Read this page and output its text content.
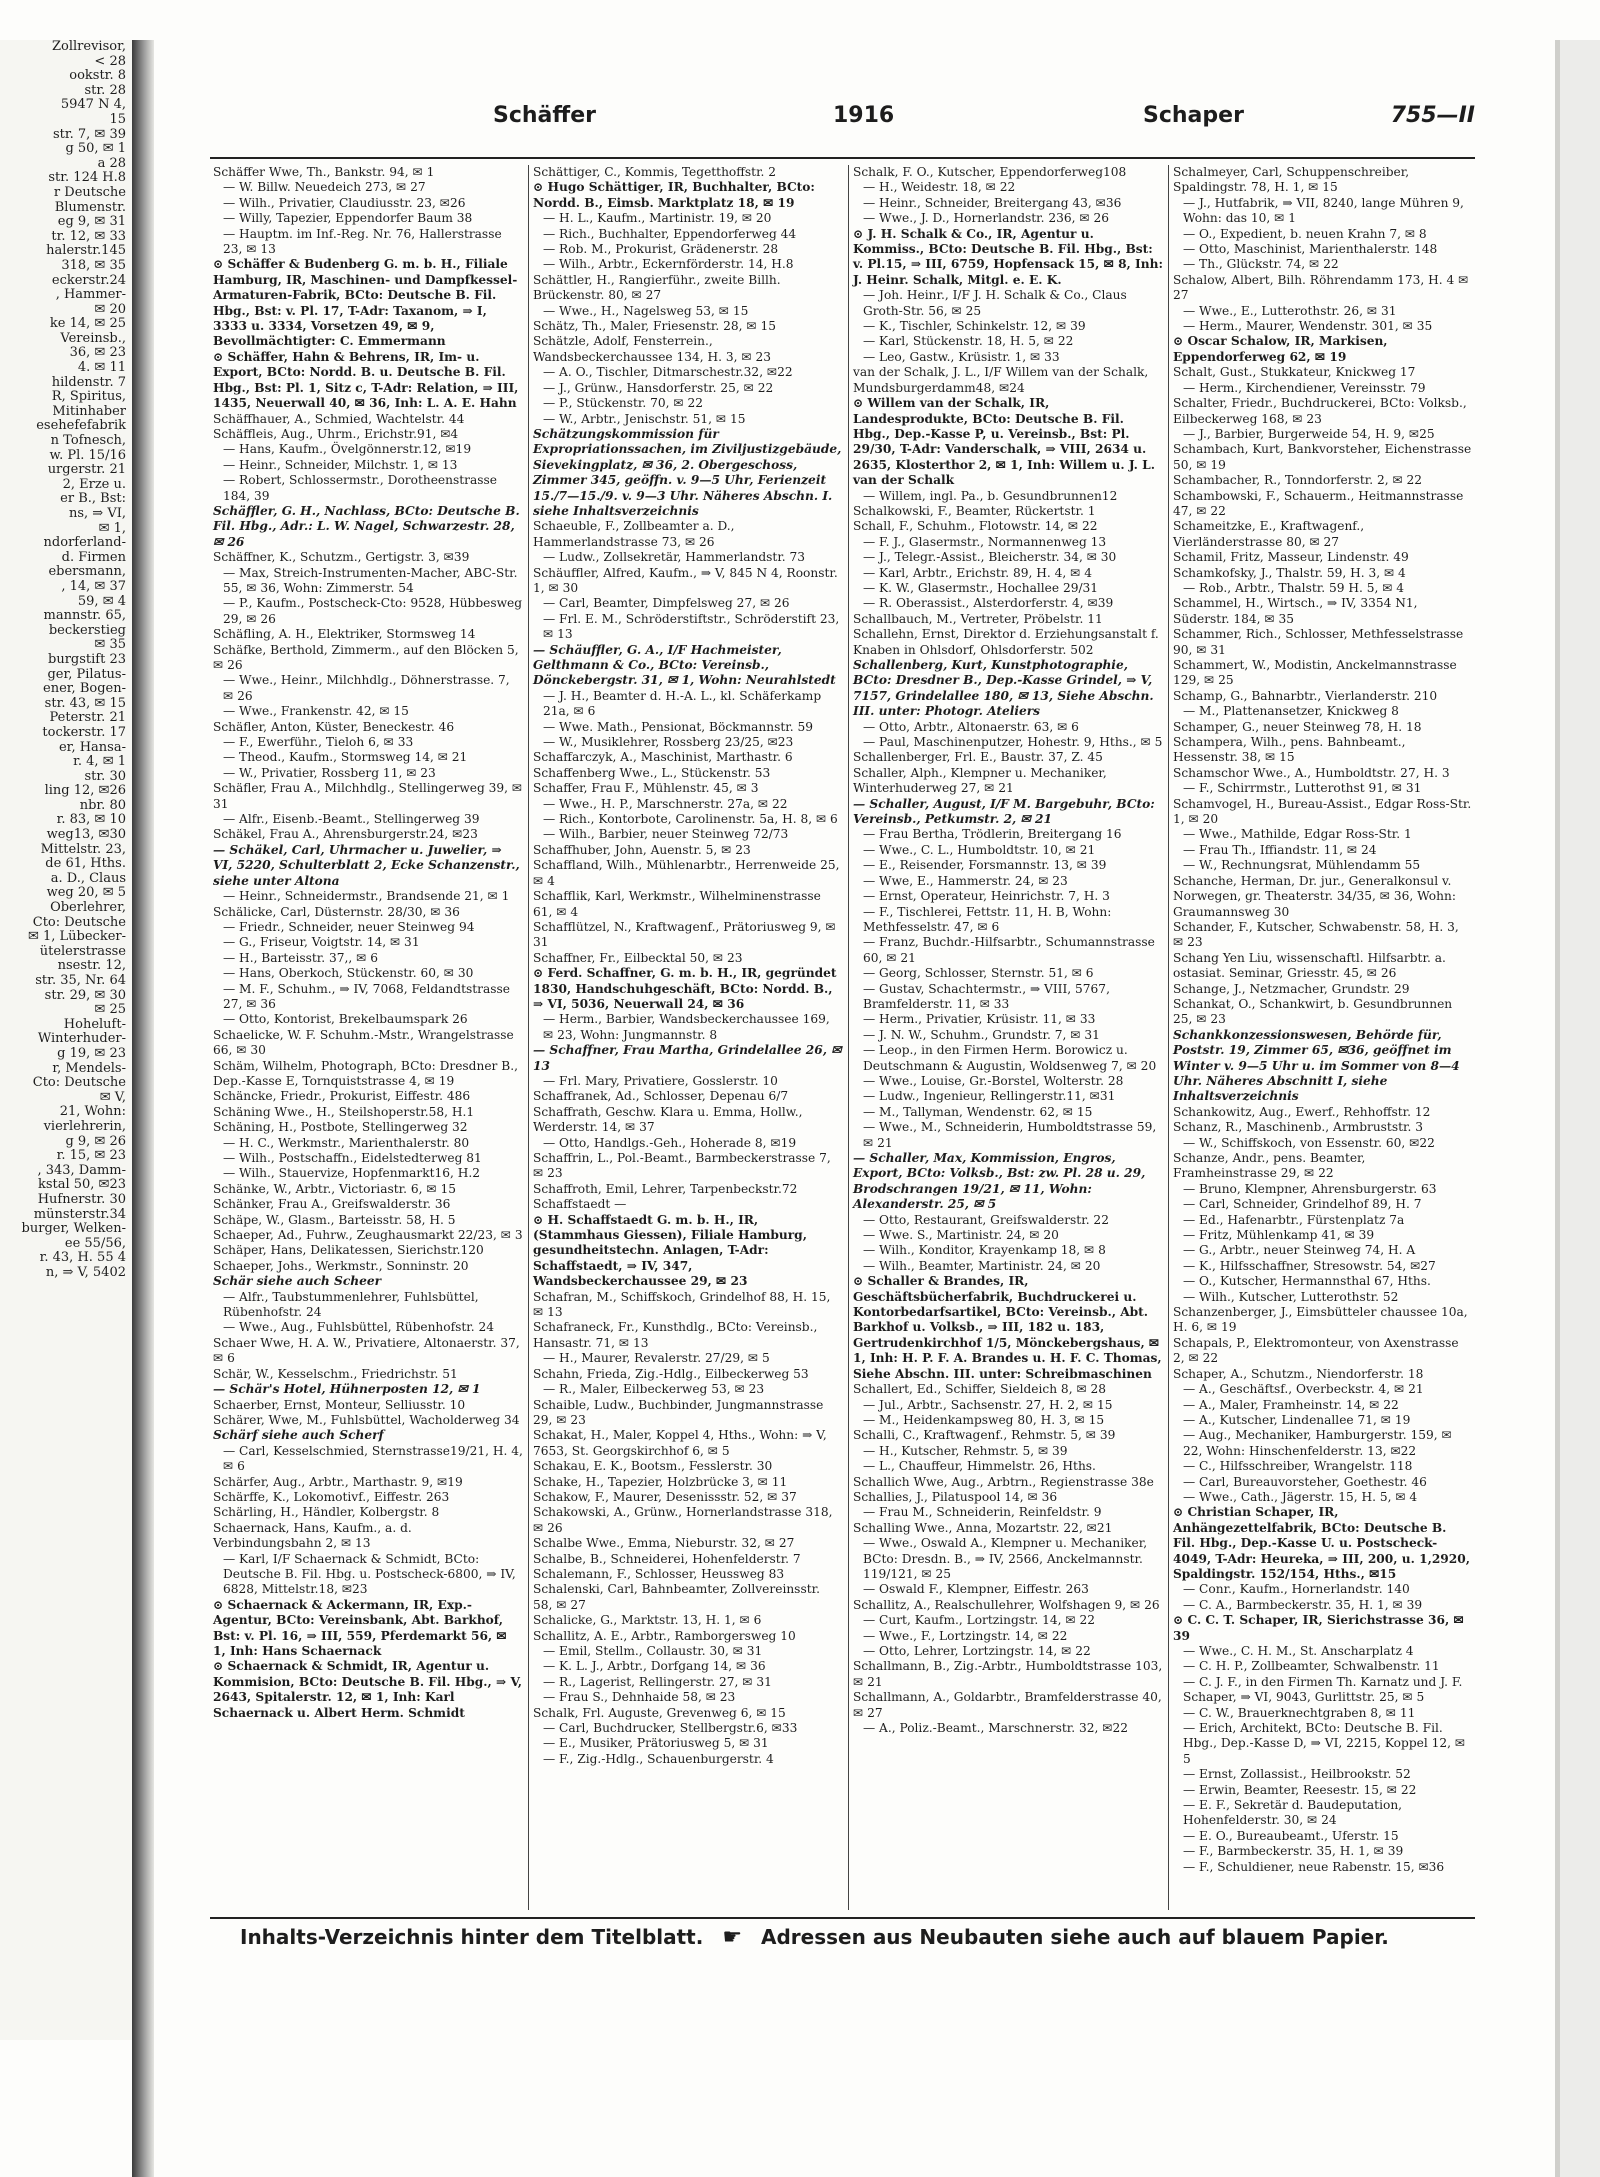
Zollrevisor,
< 28
ookstr. 8
str. 28
5947 N 4,
15
str. 7, ✉ 39
g 50, ✉ 1
a 28
str. 124 H.8
r Deutsche
Blumenstr.
eg 9, ✉ 31
tr. 12, ✉ 33
halerstr.145
318, ✉ 35
eckerstr.24
, Hammer-
✉ 20
ke 14, ✉ 25
Vereinsb.,
36, ✉ 23
4. ✉ 11
hildenstr. 7
R, Spiritus,
Mitinhaber
esehefefabrik
n Tofnesch,
w. Pl. 15/16
urgerstr. 21
2, Erze u.
er B., Bst:
ns, ⇒ VI,
✉ 1,
ndorferland-
d. Firmen
ebersmann,
, 14, ✉ 37
59, ✉ 4
mannstr. 65,
beckerstieg
✉ 35
burgstift 23
ger, Pilatus-
ener, Bogen-
str. 43, ✉ 15
Peterstr. 21
tockerstr. 17
er, Hansa-
r. 4, ✉ 1
str. 30
ling 12, ✉26
nbr. 80
r. 83, ✉ 10
weg13, ✉30
Mittelstr. 23,
de 61, Hths.
a. D., Claus
weg 20, ✉ 5
Oberlehrer,
Cto: Deutsche
✉ 1, Lübecker-
ütelerstrasse
nsestr. 12,
str. 35, Nr. 64
str. 29, ✉ 30
✉ 25
Hoheluft-
Winterhuder-
g 19, ✉ 23
r, Mendels-
Cto: Deutsche
✉ V,
21, Wohn:
vierlehrerin,
g 9, ✉ 26
r. 15, ✉ 23
, 343, Damm-
kstal 50, ✉23
Hufnerstr. 30
münsterstr.34
burger, Welken-
ee 55/56,
r. 43, H. 55 4
n, ⇒ V, 5402
Schäffer	1916	Schaper	755—II

Schäffer Wwe, Th., Bankstr. 94, ✉ 1

— W. Billw. Neuedeich 273, ✉ 27

— Wilh., Privatier, Claudiusstr. 23, ✉26

— Willy, Tapezier, Eppendorfer Baum 38

— Hauptm. im Inf.-Reg. Nr. 76, Hallerstrasse 23, ✉ 13

⊙ Schäffer & Budenberg G. m. b. H., Filiale Hamburg, IR, Maschinen- und Dampfkessel-Armaturen-Fabrik, BCto: Deutsche B. Fil. Hbg., Bst: v. Pl. 17, T-Adr: Taxanom, ⇒ I, 3333 u. 3334, Vorsetzen 49, ✉ 9, Bevollmächtigter: C. Emmermann

⊙ Schäffer, Hahn & Behrens, IR, Im- u. Export, BCto: Nordd. B. u. Deutsche B. Fil. Hbg., Bst: Pl. 1, Sitz c, T-Adr: Relation, ⇒ III, 1435, Neuerwall 40, ✉ 36, Inh: L. A. E. Hahn

Schäffhauer, A., Schmied, Wachtelstr. 44

Schäffleis, Aug., Uhrm., Erichstr.91, ✉4

— Hans, Kaufm., Övelgönnerstr.12, ✉19

— Heinr., Schneider, Milchstr. 1, ✉ 13

— Robert, Schlossermstr., Dorotheenstrasse 184, 39

Schäffler, G. H., Nachlass, BCto: Deutsche B. Fil. Hbg., Adr.: L. W. Nagel, Schwarzestr. 28, ✉ 26

Schäffner, K., Schutzm., Gertigstr. 3, ✉39

— Max, Streich-Instrumenten-Macher, ABC-Str. 55, ✉ 36, Wohn: Zimmerstr. 54

— P., Kaufm., Postscheck-Cto: 9528, Hübbesweg 29, ✉ 26

Schäfling, A. H., Elektriker, Stormsweg 14

Schäfke, Berthold, Zimmerm., auf den Blöcken 5, ✉ 26

— Wwe., Heinr., Milchhdlg., Döhnerstrasse. 7, ✉ 26

— Wwe., Frankenstr. 42, ✉ 15

Schäfler, Anton, Küster, Beneckestr. 46

— F., Ewerführ., Tieloh 6, ✉ 33

— Theod., Kaufm., Stormsweg 14, ✉ 21

— W., Privatier, Rossberg 11, ✉ 23

Schäfler, Frau A., Milchhdlg., Stellingerweg 39, ✉ 31

— Alfr., Eisenb.-Beamt., Stellingerweg 39

Schäkel, Frau A., Ahrensburgerstr.24, ✉23

— Schäkel, Carl, Uhrmacher u. Juwelier, ⇒ VI, 5220, Schulterblatt 2, Ecke Schanzenstr., siehe unter Altona

— Heinr., Schneidermstr., Brandsende 21, ✉ 1

Schälicke, Carl, Düsternstr. 28/30, ✉ 36

— Friedr., Schneider, neuer Steinweg 94

— G., Friseur, Voigtstr. 14, ✉ 31

— H., Barteisstr. 37,, ✉ 6

— Hans, Oberkoch, Stückenstr. 60, ✉ 30

— M. F., Schuhm., ⇒ IV, 7068, Feldandtstrasse 27, ✉ 36

— Otto, Kontorist, Brekelbaumspark 26

Schaelicke, W. F. Schuhm.-Mstr., Wrangelstrasse 66, ✉ 30

Schäm, Wilhelm, Photograph, BCto: Dresdner B., Dep.-Kasse E, Tornquiststrasse 4, ✉ 19

Schäncke, Friedr., Prokurist, Eiffestr. 486

Schäning Wwe., H., Steilshoperstr.58, H.1

Schäning, H., Postbote, Stellingerweg 32

— H. C., Werkmstr., Marienthalerstr. 80

— Wilh., Postschaffn., Eidelstedterweg 81

— Wilh., Stauervize, Hopfenmarkt16, H.2

Schänke, W., Arbtr., Victoriastr. 6, ✉ 15

Schänker, Frau A., Greifswalderstr. 36

Schäpe, W., Glasm., Barteisstr. 58, H. 5

Schaeper, Ad., Fuhrw., Zeughausmarkt 22/23, ✉ 3

Schäper, Hans, Delikatessen, Sierichstr.120

Schaeper, Johs., Werkmstr., Sonninstr. 20

Schär siehe auch Scheer

— Alfr., Taubstummenlehrer, Fuhlsbüttel, Rübenhofstr. 24

— Wwe., Aug., Fuhlsbüttel, Rübenhofstr. 24

Schaer Wwe, H. A. W., Privatiere, Altonaerstr. 37, ✉ 6

Schär, W., Kesselschm., Friedrichstr. 51

— Schär's Hotel, Hühnerposten 12, ✉ 1

Schaerber, Ernst, Monteur, Selliusstr. 10

Schärer, Wwe, M., Fuhlsbüttel, Wacholderweg 34

Schärf siehe auch Scherf

— Carl, Kesselschmied, Sternstrasse19/21, H. 4, ✉ 6

Schärfer, Aug., Arbtr., Marthastr. 9, ✉19

Schärffe, K., Lokomotivf., Eiffestr. 263

Schärling, H., Händler, Kolbergstr. 8

Schaernack, Hans, Kaufm., a. d. Verbindungsbahn 2, ✉ 13

— Karl, I/F Schaernack & Schmidt, BCto: Deutsche B. Fil. Hbg. u. Postscheck-6800, ⇒ IV, 6828, Mittelstr.18, ✉23

⊙ Schaernack & Ackermann, IR, Exp.-Agentur, BCto: Vereinsbank, Abt. Barkhof, Bst: v. Pl. 16, ⇒ III, 559, Pferdemarkt 56, ✉ 1, Inh: Hans Schaernack

⊙ Schaernack & Schmidt, IR, Agentur u. Kommision, BCto: Deutsche B. Fil. Hbg., ⇒ V, 2643, Spitalerstr. 12, ✉ 1, Inh: Karl Schaernack u. Albert Herm. Schmidt

Schättiger, C., Kommis, Tegetthoffstr. 2

⊙ Hugo Schättiger, IR, Buchhalter, BCto: Nordd. B., Eimsb. Marktplatz 18, ✉ 19

— H. L., Kaufm., Martinistr. 19, ✉ 20

— Rich., Buchhalter, Eppendorferweg 44

— Rob. M., Prokurist, Grädenerstr. 28

— Wilh., Arbtr., Eckernförderstr. 14, H.8

Schättler, H., Rangierführ., zweite Billh. Brückenstr. 80, ✉ 27

— Wwe., H., Nagelsweg 53, ✉ 15

Schätz, Th., Maler, Friesenstr. 28, ✉ 15

Schätzle, Adolf, Fensterrein., Wandsbeckerchaussee 134, H. 3, ✉ 23

— A. O., Tischler, Ditmarschestr.32, ✉22

— J., Grünw., Hansdorferstr. 25, ✉ 22

— P., Stückenstr. 70, ✉ 22

— W., Arbtr., Jenischstr. 51, ✉ 15

Schätzungskommission für Expropriationssachen, im Ziviljustizgebäude, Sievekingplatz, ✉ 36, 2. Obergeschoss, Zimmer 345, geöffn. v. 9—5 Uhr, Ferienzeit 15./7—15./9. v. 9—3 Uhr. Näheres Abschn. I. siehe Inhaltsverzeichnis

Schaeuble, F., Zollbeamter a. D., Hammerlandstrasse 73, ✉ 26

— Ludw., Zollsekretär, Hammerlandstr. 73

Schäuffler, Alfred, Kaufm., ⇒ V, 845 N 4, Roonstr. 1, ✉ 30

— Carl, Beamter, Dimpfelsweg 27, ✉ 26

— Frl. E. M., Schröderstiftstr., Schröderstift 23, ✉ 13

— Schäuffler, G. A., I/F Hachmeister, Gelthmann & Co., BCto: Vereinsb., Dönckebergstr. 31, ✉ 1, Wohn: Neurahlstedt

— J. H., Beamter d. H.-A. L., kl. Schäferkamp 21a, ✉ 6

— Wwe. Math., Pensionat, Böckmannstr. 59

— W., Musiklehrer, Rossberg 23/25, ✉23

Schaffarczyk, A., Maschinist, Marthastr. 6

Schaffenberg Wwe., L., Stückenstr. 53

Schaffer, Frau F., Mühlenstr. 45, ✉ 3

— Wwe., H. P., Marschnerstr. 27a, ✉ 22

— Rich., Kontorbote, Carolinenstr. 5a, H. 8, ✉ 6

— Wilh., Barbier, neuer Steinweg 72/73

Schaffhuber, John, Auenstr. 5, ✉ 23

Schaffland, Wilh., Mühlenarbtr., Herrenweide 25, ✉ 4

Schafflik, Karl, Werkmstr., Wilhelminenstrasse 61, ✉ 4

Schafflützel, N., Kraftwagenf., Prätoriusweg 9, ✉ 31

Schaffner, Fr., Eilbecktal 50, ✉ 23

⊙ Ferd. Schaffner, G. m. b. H., IR, gegründet 1830, Handschuhgeschäft, BCto: Nordd. B., ⇒ VI, 5036, Neuerwall 24, ✉ 36

— Herm., Barbier, Wandsbeckerchaussee 169, ✉ 23, Wohn: Jungmannstr. 8

— Schaffner, Frau Martha, Grindelallee 26, ✉ 13

— Frl. Mary, Privatiere, Gosslerstr. 10

Schaffranek, Ad., Schlosser, Depenau 6/7

Schaffrath, Geschw. Klara u. Emma, Hollw., Werderstr. 14, ✉ 37

— Otto, Handlgs.-Geh., Hoherade 8, ✉19

Schaffrin, L., Pol.-Beamt., Barmbeckerstrasse 7, ✉ 23

Schaffroth, Emil, Lehrer, Tarpenbeckstr.72

Schaffstaedt —

⊙ H. Schaffstaedt G. m. b. H., IR, (Stammhaus Giessen), Filiale Hamburg, gesundheitstechn. Anlagen, T-Adr: Schaffstaedt, ⇒ IV, 347, Wandsbeckerchaussee 29, ✉ 23

Schafran, M., Schiffskoch, Grindelhof 88, H. 15, ✉ 13

Schafraneck, Fr., Kunsthdlg., BCto: Vereinsb., Hansastr. 71, ✉ 13

— H., Maurer, Revalerstr. 27/29, ✉ 5

Schahn, Frieda, Zig.-Hdlg., Eilbeckerweg 53

— R., Maler, Eilbeckerweg 53, ✉ 23

Schaible, Ludw., Buchbinder, Jungmannstrasse 29, ✉ 23

Schakat, H., Maler, Koppel 4, Hths., Wohn: ⇒ V, 7653, St. Georgskirchhof 6, ✉ 5

Schakau, E. K., Bootsm., Fesslerstr. 30

Schake, H., Tapezier, Holzbrücke 3, ✉ 11

Schakow, F., Maurer, Desenissstr. 52, ✉ 37

Schakowski, A., Grünw., Hornerlandstrasse 318, ✉ 26

Schalbe Wwe., Emma, Nieburstr. 32, ✉ 27

Schalbe, B., Schneiderei, Hohenfelderstr. 7

Schalemann, F., Schlosser, Heussweg 83

Schalenski, Carl, Bahnbeamter, Zollvereinsstr. 58, ✉ 27

Schalicke, G., Marktstr. 13, H. 1, ✉ 6

Schallitz, A. E., Arbtr., Ramborgersweg 10

— Emil, Stellm., Collaustr. 30, ✉ 31

— K. L. J., Arbtr., Dorfgang 14, ✉ 36

— R., Lagerist, Rellingerstr. 27, ✉ 31

— Frau S., Dehnhaide 58, ✉ 23

Schalk, Frl. Auguste, Grevenweg 6, ✉ 15

— Carl, Buchdrucker, Stellbergstr.6, ✉33

— E., Musiker, Prätoriusweg 5, ✉ 31

— F., Zig.-Hdlg., Schauenburgerstr. 4

Schalk, F. O., Kutscher, Eppendorferweg108

— H., Weidestr. 18, ✉ 22

— Heinr., Schneider, Breitergang 43, ✉36

— Wwe., J. D., Hornerlandstr. 236, ✉ 26

⊙ J. H. Schalk & Co., IR, Agentur u. Kommiss., BCto: Deutsche B. Fil. Hbg., Bst: v. Pl.15, ⇒ III, 6759, Hopfensack 15, ✉ 8, Inh: J. Heinr. Schalk, Mitgl. e. E. K.

— Joh. Heinr., I/F J. H. Schalk & Co., Claus Groth-Str. 56, ✉ 25

— K., Tischler, Schinkelstr. 12, ✉ 39

— Karl, Stückenstr. 18, H. 5, ✉ 22

— Leo, Gastw., Krüsistr. 1, ✉ 33

van der Schalk, J. L., I/F Willem van der Schalk, Mundsburgerdamm48, ✉24

⊙ Willem van der Schalk, IR, Landesprodukte, BCto: Deutsche B. Fil. Hbg., Dep.-Kasse P, u. Vereinsb., Bst: Pl. 29/30, T-Adr: Vanderschalk, ⇒ VIII, 2634 u. 2635, Klosterthor 2, ✉ 1, Inh: Willem u. J. L. van der Schalk

— Willem, ingl. Pa., b. Gesundbrunnen12

Schalkowski, F., Beamter, Rückertstr. 1

Schall, F., Schuhm., Flotowstr. 14, ✉ 22

— F. J., Glasermstr., Normannenweg 13

— J., Telegr.-Assist., Bleicherstr. 34, ✉ 30

— Karl, Arbtr., Erichstr. 89, H. 4, ✉ 4

— K. W., Glasermstr., Hochallee 29/31

— R. Oberassist., Alsterdorferstr. 4, ✉39

Schallbauch, M., Vertreter, Pröbelstr. 11

Schallehn, Ernst, Direktor d. Erziehungsanstalt f. Knaben in Ohlsdorf, Ohlsdorferstr. 502

Schallenberg, Kurt, Kunstphotographie, BCto: Dresdner B., Dep.-Kasse Grindel, ⇒ V, 7157, Grindelallee 180, ✉ 13, Siehe Abschn. III. unter: Photogr. Ateliers

— Otto, Arbtr., Altonaerstr. 63, ✉ 6

— Paul, Maschinenputzer, Hohestr. 9, Hths., ✉ 5

Schallenberger, Frl. E., Baustr. 37, Z. 45

Schaller, Alph., Klempner u. Mechaniker, Winterhuderweg 27, ✉ 21

— Schaller, August, I/F M. Bargebuhr, BCto: Vereinsb., Petkumstr. 2, ✉ 21

— Frau Bertha, Trödlerin, Breitergang 16

— Wwe., C. L., Humboldtstr. 10, ✉ 21

— E., Reisender, Forsmannstr. 13, ✉ 39

— Wwe, E., Hammerstr. 24, ✉ 23

— Ernst, Operateur, Heinrichstr. 7, H. 3

— F., Tischlerei, Fettstr. 11, H. B, Wohn: Methfesselstr. 47, ✉ 6

— Franz, Buchdr.-Hilfsarbtr., Schumannstrasse 60, ✉ 21

— Georg, Schlosser, Sternstr. 51, ✉ 6

— Gustav, Schachtermstr., ⇒ VIII, 5767, Bramfelderstr. 11, ✉ 33

— Herm., Privatier, Krüsistr. 11, ✉ 33

— J. N. W., Schuhm., Grundstr. 7, ✉ 31

— Leop., in den Firmen Herm. Borowicz u. Deutschmann & Augustin, Woldsenweg 7, ✉ 20

— Wwe., Louise, Gr.-Borstel, Wolterstr. 28

— Ludw., Ingenieur, Rellingerstr.11, ✉31

— M., Tallyman, Wendenstr. 62, ✉ 15

— Wwe., M., Schneiderin, Humboldtstrasse 59, ✉ 21

— Schaller, Max, Kommission, Engros, Export, BCto: Volksb., Bst: zw. Pl. 28 u. 29, Brodschrangen 19/21, ✉ 11, Wohn: Alexanderstr. 25, ✉ 5

— Otto, Restaurant, Greifswalderstr. 22

— Wwe. S., Martinistr. 24, ✉ 20

— Wilh., Konditor, Krayenkamp 18, ✉ 8

— Wilh., Beamter, Martinistr. 24, ✉ 20

⊙ Schaller & Brandes, IR, Geschäftsbücherfabrik, Buchdruckerei u. Kontorbedarfsartikel, BCto: Vereinsb., Abt. Barkhof u. Volksb., ⇒ III, 182 u. 183, Gertrudenkirchhof 1/5, Mönckebergshaus, ✉ 1, Inh: H. P. F. A. Brandes u. H. F. C. Thomas, Siehe Abschn. III. unter: Schreibmaschinen

Schallert, Ed., Schiffer, Sieldeich 8, ✉ 28

— Jul., Arbtr., Sachsenstr. 27, H. 2, ✉ 15

— M., Heidenkampsweg 80, H. 3, ✉ 15

Schalli, C., Kraftwagenf., Rehmstr. 5, ✉ 39

— H., Kutscher, Rehmstr. 5, ✉ 39

— L., Chauffeur, Himmelstr. 26, Hths.

Schallich Wwe, Aug., Arbtrn., Regienstrasse 38e

Schallies, J., Pilatuspool 14, ✉ 36

— Frau M., Schneiderin, Reinfeldstr. 9

Schalling Wwe., Anna, Mozartstr. 22, ✉21

— Wwe., Oswald A., Klempner u. Mechaniker, BCto: Dresdn. B., ⇒ IV, 2566, Anckelmannstr. 119/121, ✉ 25

— Oswald F., Klempner, Eiffestr. 263

Schallitz, A., Realschullehrer, Wolfshagen 9, ✉ 26

— Curt, Kaufm., Lortzingstr. 14, ✉ 22

— Wwe., F., Lortzingstr. 14, ✉ 22

— Otto, Lehrer, Lortzingstr. 14, ✉ 22

Schallmann, B., Zig.-Arbtr., Humboldtstrasse 103, ✉ 21

Schallmann, A., Goldarbtr., Bramfelderstrasse 40, ✉ 27

— A., Poliz.-Beamt., Marschnerstr. 32, ✉22

Schalmeyer, Carl, Schuppenschreiber, Spaldingstr. 78, H. 1, ✉ 15

— J., Hutfabrik, ⇒ VII, 8240, lange Mühren 9, Wohn: das 10, ✉ 1

— O., Expedient, b. neuen Krahn 7, ✉ 8

— Otto, Maschinist, Marienthalerstr. 148

— Th., Glückstr. 74, ✉ 22

Schalow, Albert, Bilh. Röhrendamm 173, H. 4 ✉ 27

— Wwe., E., Lutterothstr. 26, ✉ 31

— Herm., Maurer, Wendenstr. 301, ✉ 35

⊙ Oscar Schalow, IR, Markisen, Eppendorferweg 62, ✉ 19

Schalt, Gust., Stukkateur, Knickweg 17

— Herm., Kirchendiener, Vereinsstr. 79

Schalter, Friedr., Buchdruckerei, BCto: Volksb., Eilbeckerweg 168, ✉ 23

— J., Barbier, Burgerweide 54, H. 9, ✉25

Schambach, Kurt, Bankvorsteher, Eichenstrasse 50, ✉ 19

Schambacher, R., Tonndorferstr. 2, ✉ 22

Schambowski, F., Schauerm., Heitmannstrasse 47, ✉ 22

Schameitzke, E., Kraftwagenf., Vierländerstrasse 80, ✉ 27

Schamil, Fritz, Masseur, Lindenstr. 49

Schamkofsky, J., Thalstr. 59, H. 3, ✉ 4

— Rob., Arbtr., Thalstr. 59 H. 5, ✉ 4

Schammel, H., Wirtsch., ⇒ IV, 3354 N1, Süderstr. 184, ✉ 35

Schammer, Rich., Schlosser, Methfesselstrasse 90, ✉ 31

Schammert, W., Modistin, Anckelmannstrasse 129, ✉ 25

Schamp, G., Bahnarbtr., Vierlanderstr. 210

— M., Plattenansetzer, Knickweg 8

Schamper, G., neuer Steinweg 78, H. 18

Schampera, Wilh., pens. Bahnbeamt., Hessenstr. 38, ✉ 15

Schamschor Wwe., A., Humboldtstr. 27, H. 3

— F., Schirrmstr., Lutterothst 91, ✉ 31

Schamvogel, H., Bureau-Assist., Edgar Ross-Str. 1, ✉ 20

— Wwe., Mathilde, Edgar Ross-Str. 1

— Frau Th., Iffiandstr. 11, ✉ 24

— W., Rechnungsrat, Mühlendamm 55

Schanche, Herman, Dr. jur., Generalkonsul v. Norwegen, gr. Theaterstr. 34/35, ✉ 36, Wohn: Graumannsweg 30

Schander, F., Kutscher, Schwabenstr. 58, H. 3, ✉ 23

Schang Yen Liu, wissenschaftl. Hilfsarbtr. a. ostasiat. Seminar, Griesstr. 45, ✉ 26

Schange, J., Netzmacher, Grundstr. 29

Schankat, O., Schankwirt, b. Gesundbrunnen 25, ✉ 23

Schankkonzessionswesen, Behörde für, Poststr. 19, Zimmer 65, ✉36, geöffnet im Winter v. 9—5 Uhr u. im Sommer von 8—4 Uhr. Näheres Abschnitt I, siehe Inhaltsverzeichnis

Schankowitz, Aug., Ewerf., Rehhoffstr. 12

Schanz, R., Maschinenb., Armbruststr. 3

— W., Schiffskoch, von Essenstr. 60, ✉22

Schanze, Andr., pens. Beamter, Framheinstrasse 29, ✉ 22

— Bruno, Klempner, Ahrensburgerstr. 63

— Carl, Schneider, Grindelhof 89, H. 7

— Ed., Hafenarbtr., Fürstenplatz 7a

— Fritz, Mühlenkamp 41, ✉ 39

— G., Arbtr., neuer Steinweg 74, H. A

— K., Hilfsschaffner, Stresowstr. 54, ✉27

— O., Kutscher, Hermannsthal 67, Hths.

— Wilh., Kutscher, Lutterothstr. 52

Schanzenberger, J., Eimsbütteler chaussee 10a, H. 6, ✉ 19

Schapals, P., Elektromonteur, von Axenstrasse 2, ✉ 22

Schaper, A., Schutzm., Niendorferstr. 18

— A., Geschäftsf., Overbeckstr. 4, ✉ 21

— A., Maler, Framheinstr. 14, ✉ 22

— A., Kutscher, Lindenallee 71, ✉ 19

— Aug., Mechaniker, Hamburgerstr. 159, ✉ 22, Wohn: Hinschenfelderstr. 13, ✉22

— C., Hilfsschreiber, Wrangelstr. 118

— Carl, Bureauvorsteher, Goethestr. 46

— Wwe., Cath., Jägerstr. 15, H. 5, ✉ 4

⊙ Christian Schaper, IR, Anhängezettelfabrik, BCto: Deutsche B. Fil. Hbg., Dep.-Kasse U. u. Postscheck-4049, T-Adr: Heureka, ⇒ III, 200, u. 1,2920, Spaldingstr. 152/154, Hths., ✉15

— Conr., Kaufm., Hornerlandstr. 140

— C. A., Barmbeckerstr. 35, H. 1, ✉ 39

⊙ C. C. T. Schaper, IR, Sierichstrasse 36, ✉ 39

— Wwe., C. H. M., St. Anscharplatz 4

— C. H. P., Zollbeamter, Schwalbenstr. 11

— C. J. F., in den Firmen Th. Karnatz und J. F. Schaper, ⇒ VI, 9043, Gurlittstr. 25, ✉ 5

— C. W., Brauerknechtgraben 8, ✉ 11

— Erich, Architekt, BCto: Deutsche B. Fil. Hbg., Dep.-Kasse D, ⇒ VI, 2215, Koppel 12, ✉ 5

— Ernst, Zollassist., Heilbrookstr. 52

— Erwin, Beamter, Reesestr. 15, ✉ 22

— E. F., Sekretär d. Baudeputation, Hohenfelderstr. 30, ✉ 24

— E. O., Bureaubeamt., Uferstr. 15

— F., Barmbeckerstr. 35, H. 1, ✉ 39

— F., Schuldiener, neue Rabenstr. 15, ✉36

Inhalts-Verzeichnis hinter dem Titelblatt. ☛ Adressen aus Neubauten siehe auch auf blauem Papier.
